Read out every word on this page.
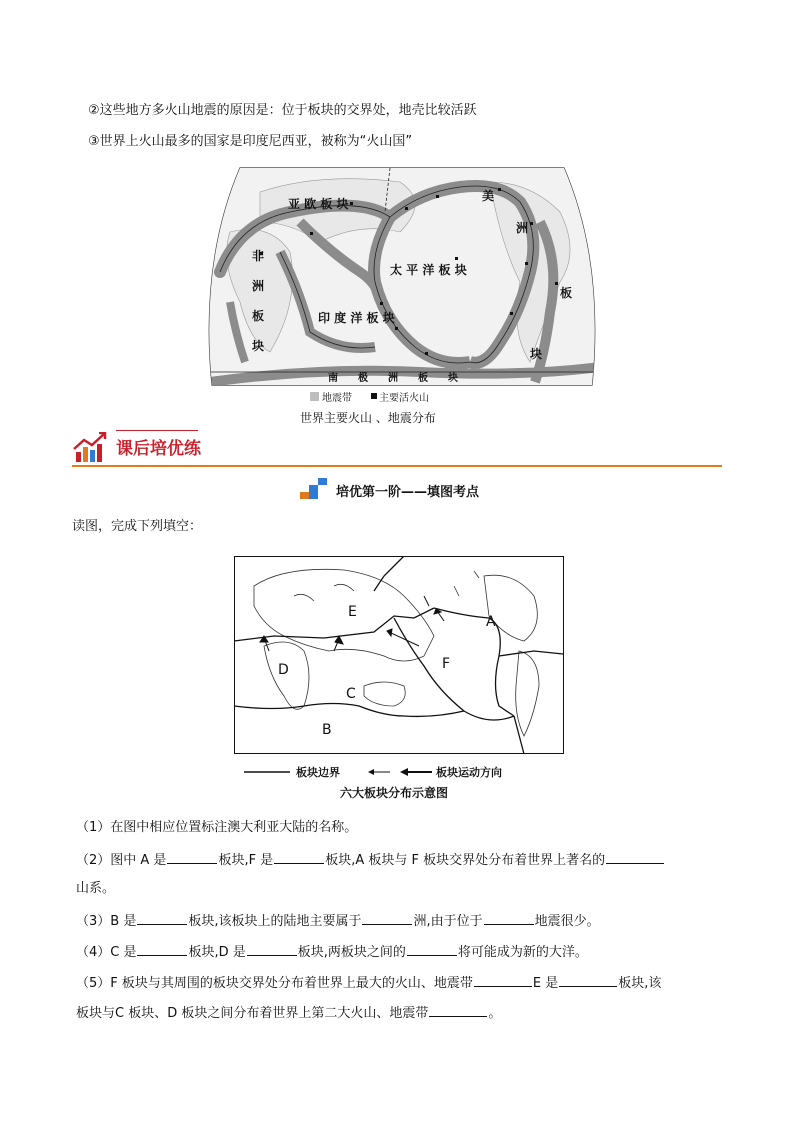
②这些地方多火山地震的原因是：位于板块的交界处，地壳比较活跃
③世界上火山最多的国家是印度尼西亚，被称为“火山国”
亚 欧 板 块
太 平 洋 板 块
印 度 洋 板 块
南　　极　　洲　　板　　块
非
洲
板
块
美
洲
板
块
地震带	主要活火山
世界主要火山 、地震分布
课后培优练
培优第一阶——填图考点
读图，完成下列填空：
A
B
C
D
E
F
板块边界	板块运动方向
六大板块分布示意图
（1）在图中相应位置标注澳大利亚大陆的名称。
（2）图中 A 是	板块,F 是	板块,A 板块与 F 板块交界处分布着世界上著名的
山系。
（3）B 是	板块,该板块上的陆地主要属于	洲,由于位于	地震很少。
（4）C 是	板块,D 是	板块,两板块之间的	将可能成为新的大洋。
（5）F 板块与其周围的板块交界处分布着世界上最大的火山、地震带	E 是	板块,该
板块与C 板块、D 板块之间分布着世界上第二大火山、地震带	。
